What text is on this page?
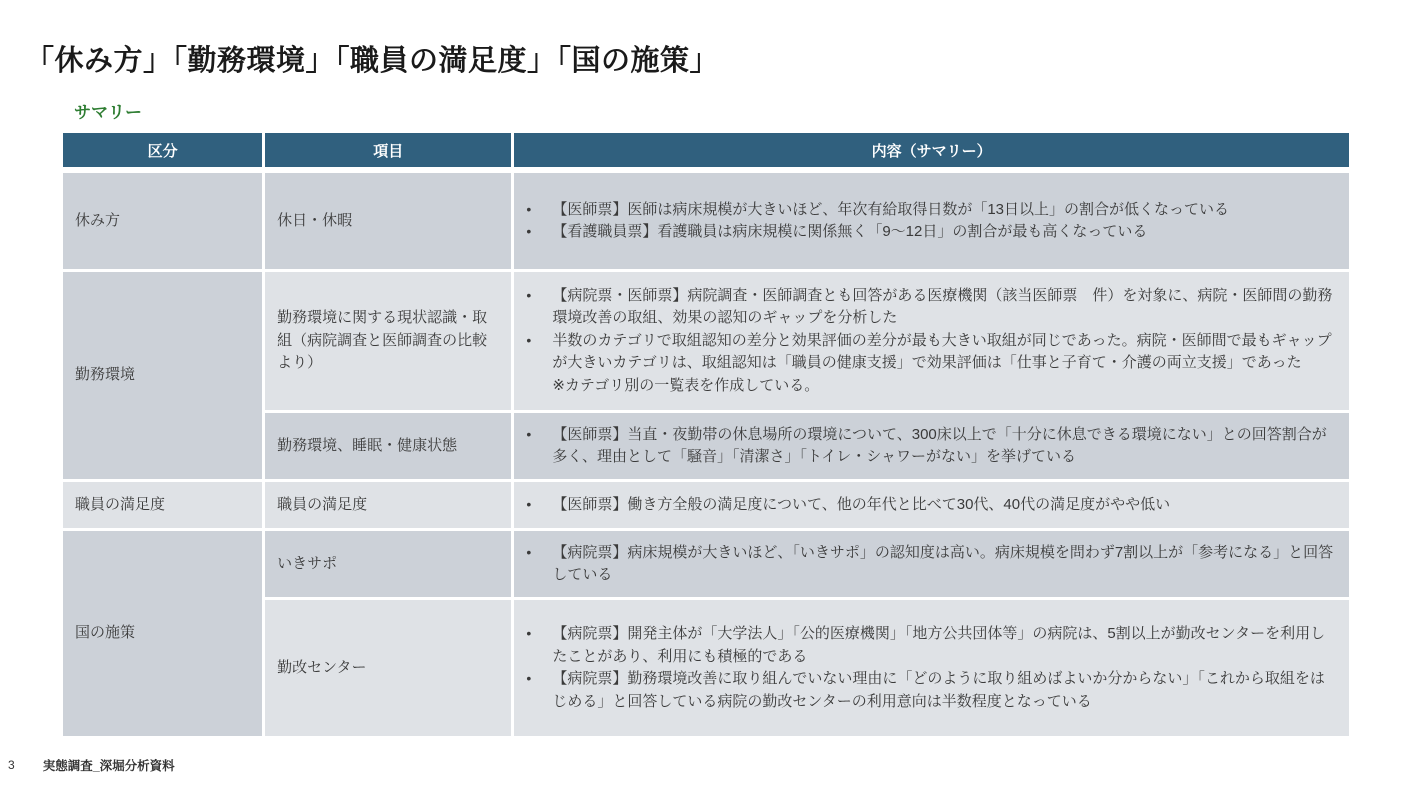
「休み方」「勤務環境」「職員の満足度」「国の施策」
サマリー
区分	項目	内容（サマリー）
休み方	休日・休暇	• 【医師票】医師は病床規模が大きいほど、年次有給取得日数が「13日以上」の割合が低くなっている
• 【看護職員票】看護職員は病床規模に関係無く「9～12日」の割合が最も高くなっている

勤務環境	勤務環境に関する現状認識・取組（病院調査と医師調査の比較より）	• 【病院票・医師票】病院調査・医師調査とも回答がある医療機関（該当医師票　件）を対象に、病院・医師間の勤務環境改善の取組、効果の認知のギャップを分析した
• 半数のカテゴリで取組認知の差分と効果評価の差分が最も大きい取組が同じであった。病院・医師間で最もギャップが大きいカテゴリは、取組認知は「職員の健康支援」で効果評価は「仕事と子育て・介護の両立支援」であった
※カテゴリ別の一覧表を作成している。

	勤務環境、睡眠・健康状態	• 【医師票】当直・夜勤帯の休息場所の環境について、300床以上で「十分に休息できる環境にない」との回答割合が多く、理由として「騒音」「清潔さ」「トイレ・シャワーがない」を挙げている

職員の満足度	職員の満足度	• 【医師票】働き方全般の満足度について、他の年代と比べて30代、40代の満足度がやや低い

国の施策	いきサポ	• 【病院票】病床規模が大きいほど、「いきサポ」の認知度は高い。病床規模を問わず7割以上が「参考になる」と回答している

	勤改センター	• 【病院票】開発主体が「大学法人」「公的医療機関」「地方公共団体等」の病院は、5割以上が勤改センターを利用したことがあり、利用にも積極的である
• 【病院票】勤務環境改善に取り組んでいない理由に「どのように取り組めばよいか分からない」「これから取組をはじめる」と回答している病院の勤改センターの利用意向は半数程度となっている
3 実態調査_深堀分析資料
